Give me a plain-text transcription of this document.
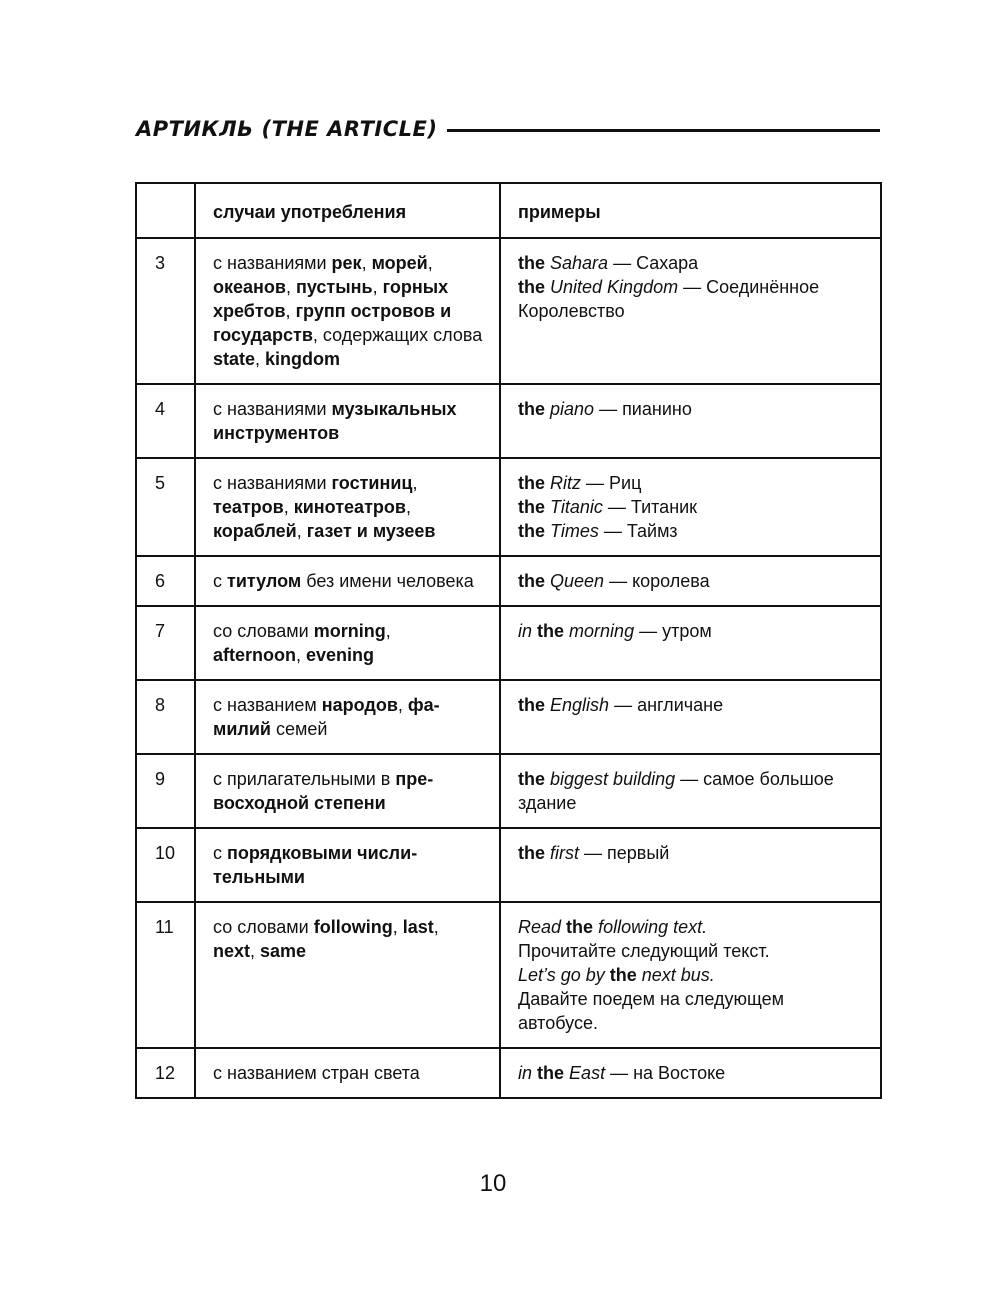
АРТИКЛЬ (THE ARTICLE)
	случаи употребления	примеры
3	с названиями рек, морей, океанов, пустынь, горных хребтов, групп островов и государств, содержащих слова state, kingdom	the Sahara — Сахара
the United Kingdom — Соединённое Королевство

4	с названиями музыкальных инструментов	the piano — пианино

5	с названиями гостиниц, театров, кинотеатров, кораблей, газет и музеев	the Ritz — Риц
the Titanic — Титаник
the Times — Таймз

6	с титулом без имени человека	the Queen — королева

7	со словами morning, afternoon, evening	in the morning — утром

8	с названием народов, фамилий семей	the English — англичане

9	с прилагательными в превосходной степени	the biggest building — самое большое здание

10	с порядковыми числительными	the first — первый

11	со словами following, last, next, same	Read the following text.
Прочитайте следующий текст.
Let’s go by the next bus.
Давайте поедем на следующем автобусе.

12	с названием стран света	in the East — на Востоке
10
